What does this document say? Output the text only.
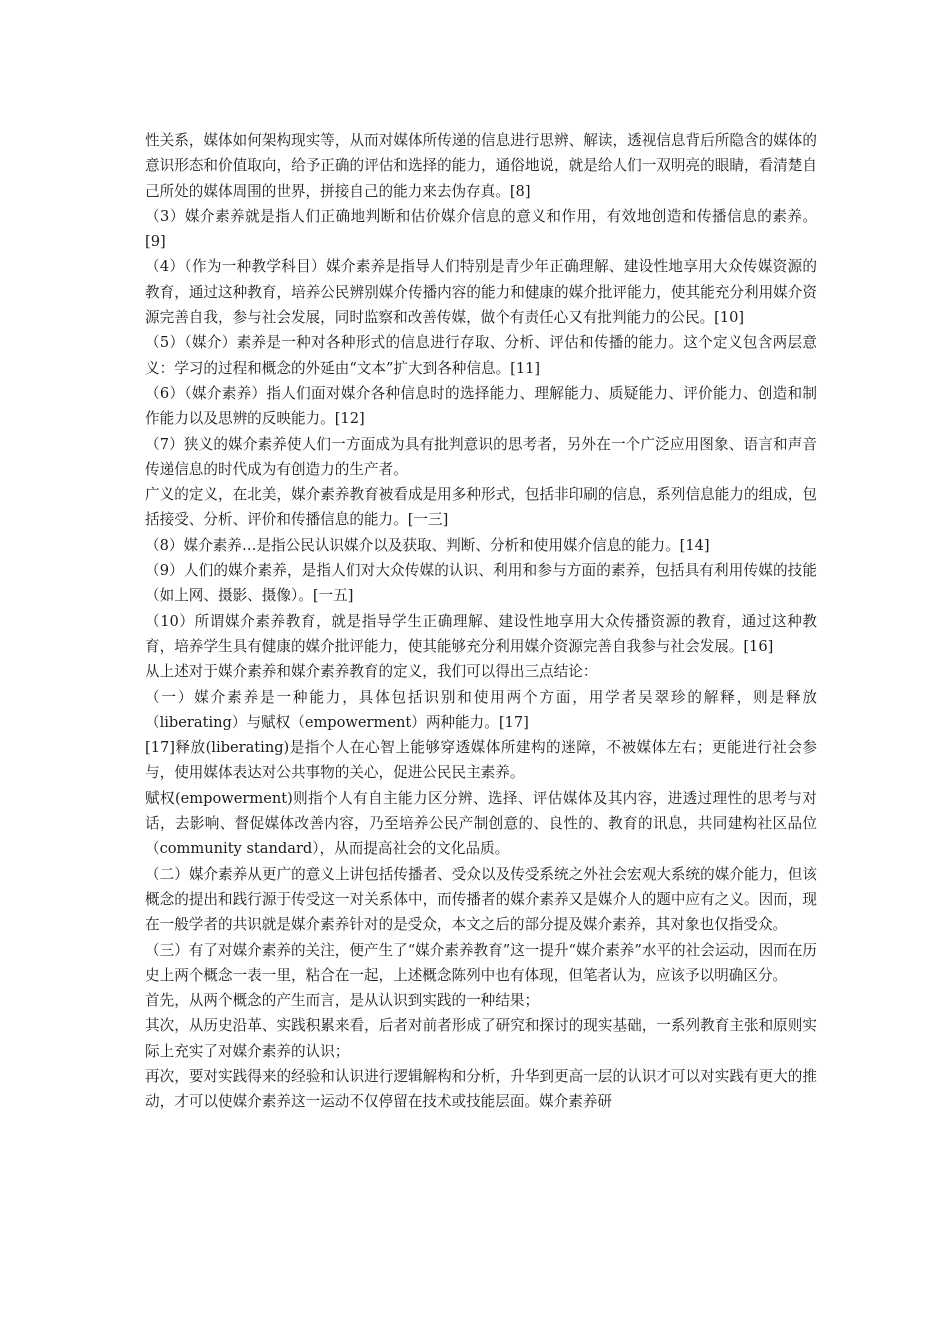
性关系，媒体如何架构现实等，从而对媒体所传递的信息进行思辨、解读，透视信息背后所隐含的媒体的意识形态和价值取向，给予正确的评估和选择的能力，通俗地说，就是给人们一双明亮的眼睛，看清楚自己所处的媒体周围的世界，拼接自己的能力来去伪存真。[8]

（3）媒介素养就是指人们正确地判断和估价媒介信息的意义和作用，有效地创造和传播信息的素养。[9]

（4）（作为一种教学科目）媒介素养是指导人们特别是青少年正确理解、建设性地享用大众传媒资源的教育，通过这种教育，培养公民辨别媒介传播内容的能力和健康的媒介批评能力，使其能充分利用媒介资源完善自我，参与社会发展，同时监察和改善传媒，做个有责任心又有批判能力的公民。[10]

（5）（媒介）素养是一种对各种形式的信息进行存取、分析、评估和传播的能力。这个定义包含两层意义：学习的过程和概念的外延由“文本”扩大到各种信息。[11]

（6）（媒介素养）指人们面对媒介各种信息时的选择能力、理解能力、质疑能力、评价能力、创造和制作能力以及思辨的反映能力。[12]

（7）狭义的媒介素养使人们一方面成为具有批判意识的思考者，另外在一个广泛应用图象、语言和声音传递信息的时代成为有创造力的生产者。

广义的定义，在北美，媒介素养教育被看成是用多种形式，包括非印刷的信息，系列信息能力的组成，包括接受、分析、评价和传播信息的能力。[一三]

（8）媒介素养…是指公民认识媒介以及获取、判断、分析和使用媒介信息的能力。[14]

（9）人们的媒介素养，是指人们对大众传媒的认识、利用和参与方面的素养，包括具有利用传媒的技能（如上网、摄影、摄像）。[一五]

（10）所谓媒介素养教育，就是指导学生正确理解、建设性地享用大众传播资源的教育，通过这种教育，培养学生具有健康的媒介批评能力，使其能够充分利用媒介资源完善自我参与社会发展。[16]

从上述对于媒介素养和媒介素养教育的定义，我们可以得出三点结论：

（一）媒介素养是一种能力，具体包括识别和使用两个方面，用学者吴翠珍的解释，则是释放（liberating）与赋权（empowerment）两种能力。[17]

[17]释放(liberating)是指个人在心智上能够穿透媒体所建构的迷障，不被媒体左右；更能进行社会参与，使用媒体表达对公共事物的关心，促进公民民主素养。

赋权(empowerment)则指个人有自主能力区分辨、选择、评估媒体及其内容，进透过理性的思考与对话，去影响、督促媒体改善内容，乃至培养公民产制创意的、良性的、教育的讯息，共同建构社区品位（community standard），从而提高社会的文化品质。

（二）媒介素养从更广的意义上讲包括传播者、受众以及传受系统之外社会宏观大系统的媒介能力，但该概念的提出和践行源于传受这一对关系体中，而传播者的媒介素养又是媒介人的题中应有之义。因而，现在一般学者的共识就是媒介素养针对的是受众，本文之后的部分提及媒介素养，其对象也仅指受众。

（三）有了对媒介素养的关注，便产生了“媒介素养教育”这一提升“媒介素养”水平的社会运动，因而在历史上两个概念一表一里，粘合在一起，上述概念陈列中也有体现，但笔者认为，应该予以明确区分。

首先，从两个概念的产生而言，是从认识到实践的一种结果；

其次，从历史沿革、实践积累来看，后者对前者形成了研究和探讨的现实基础，一系列教育主张和原则实际上充实了对媒介素养的认识；

再次，要对实践得来的经验和认识进行逻辑解构和分析，升华到更高一层的认识才可以对实践有更大的推动，才可以使媒介素养这一运动不仅停留在技术或技能层面。媒介素养研
